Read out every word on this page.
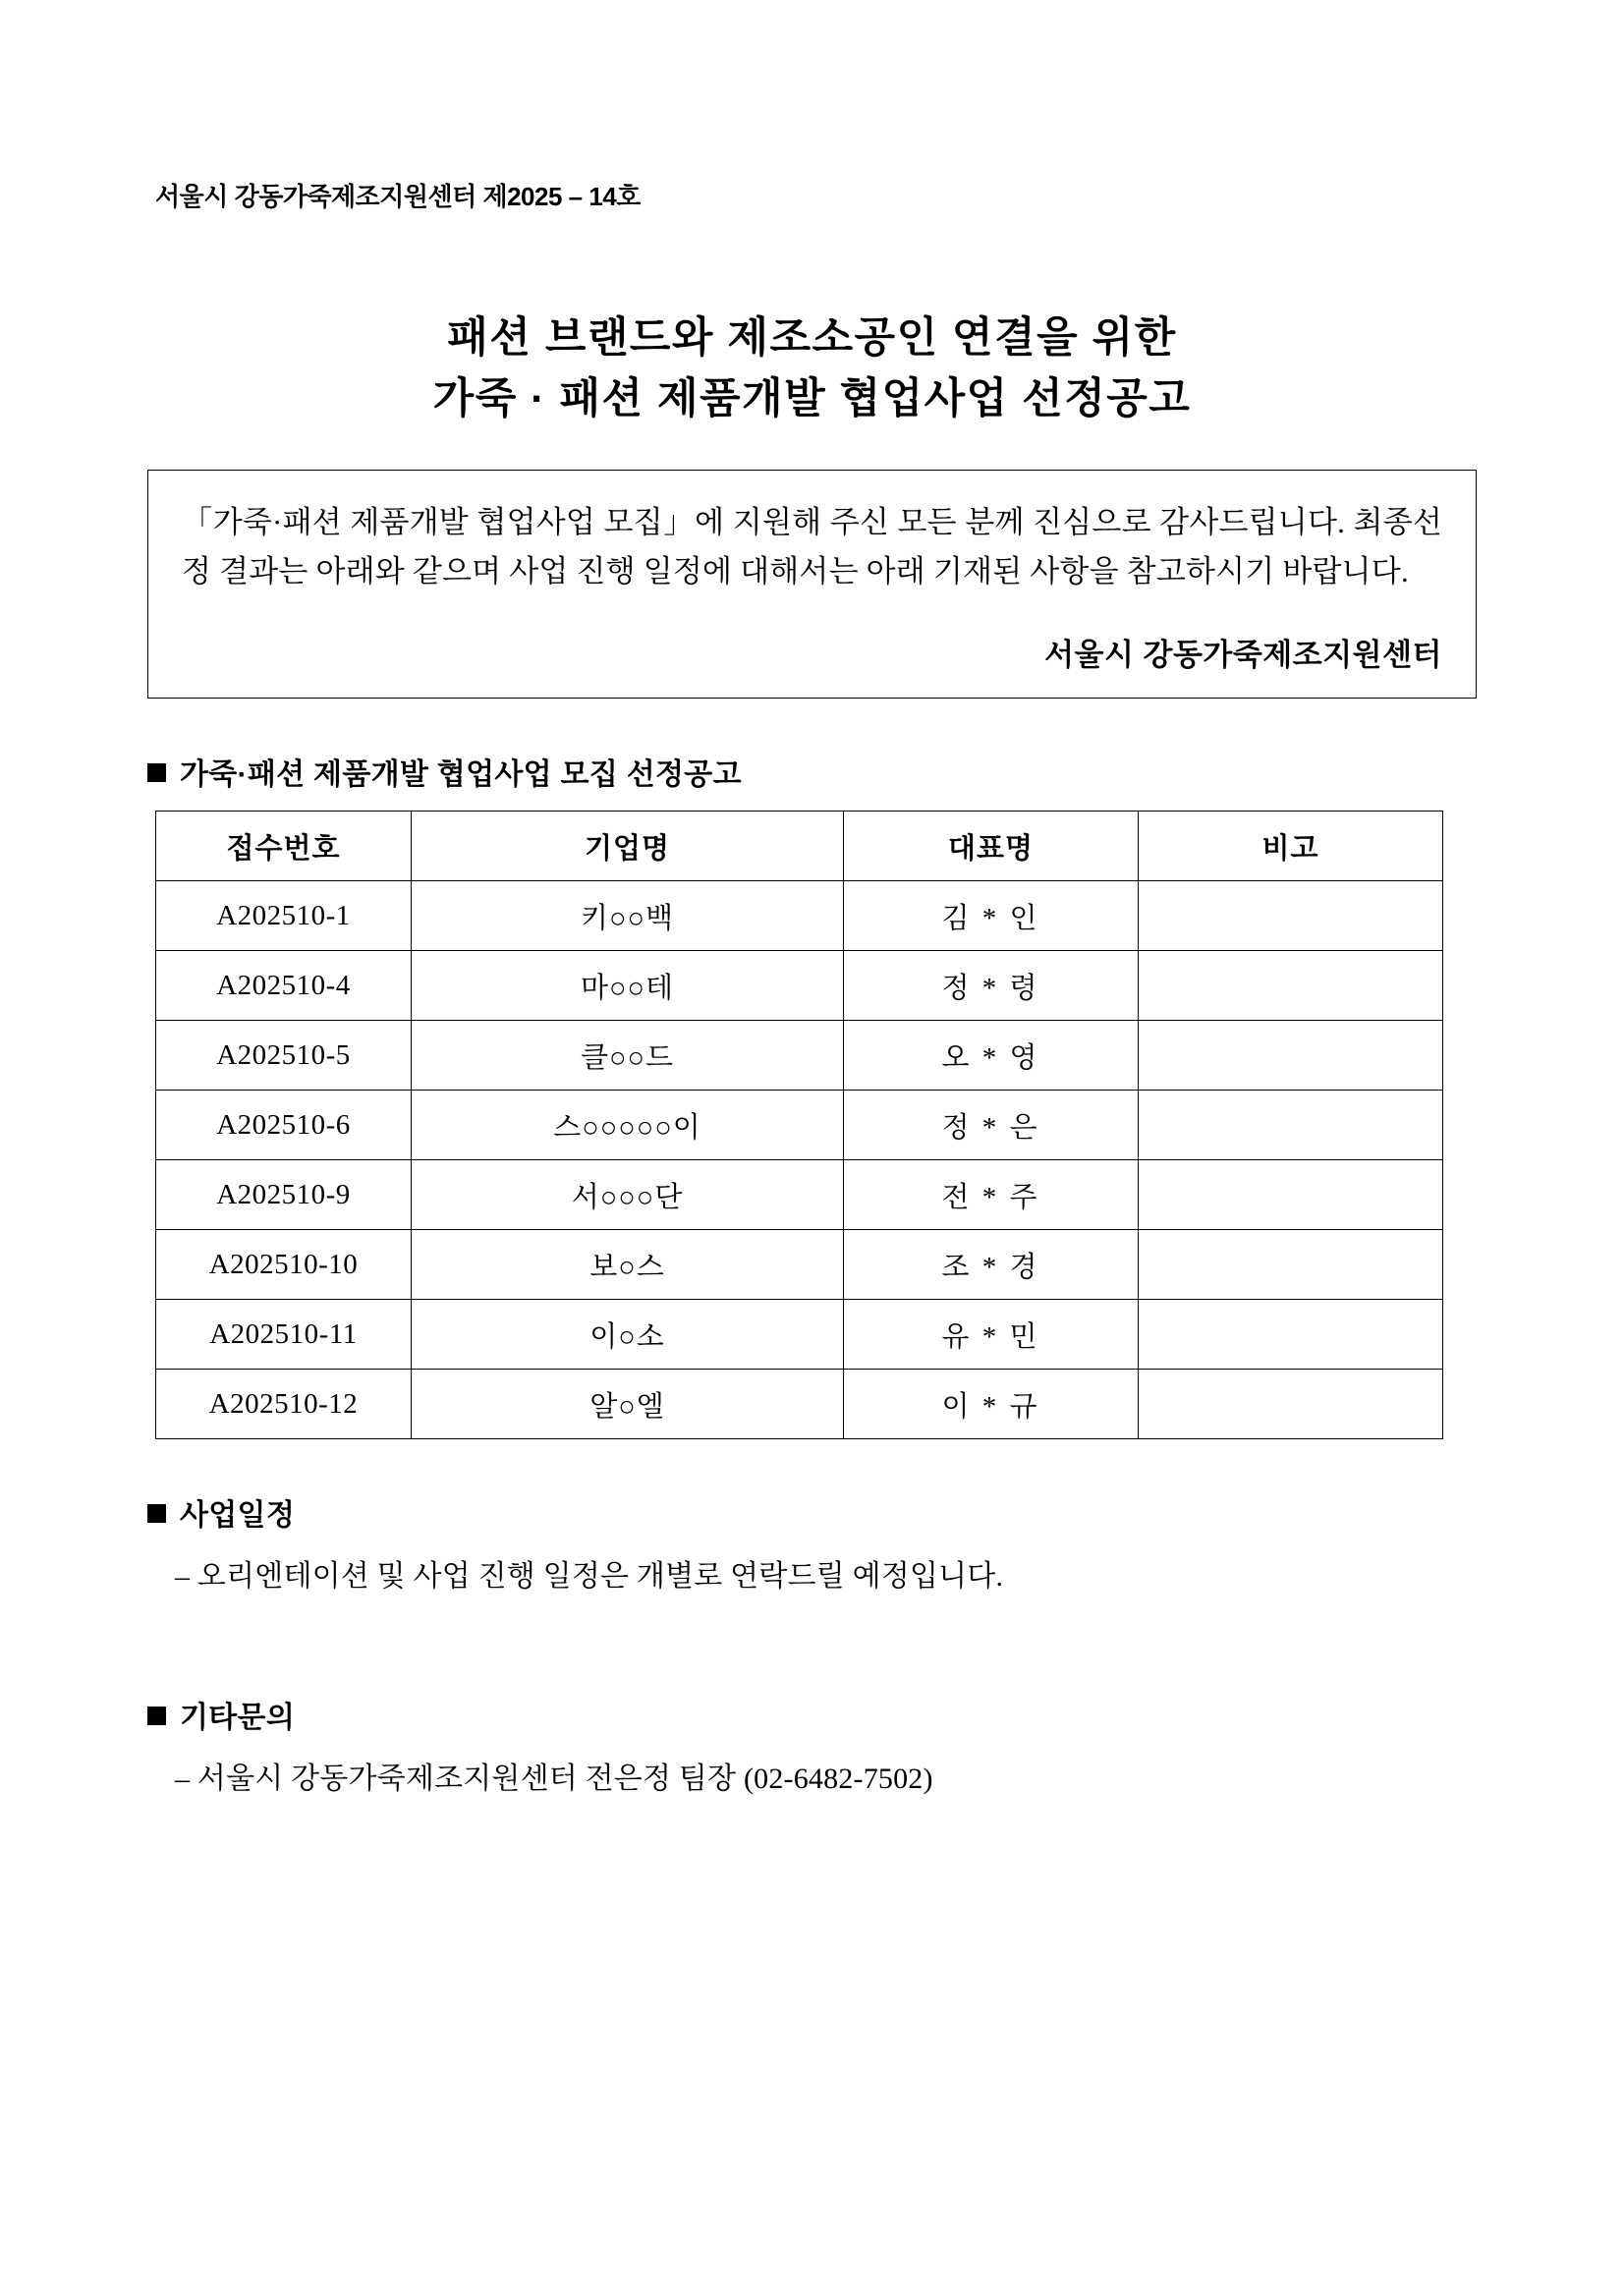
서울시 강동가죽제조지원센터 제2025 – 14호
패션 브랜드와 제조소공인 연결을 위한
가죽 · 패션 제품개발 협업사업 선정공고

「가죽·패션 제품개발 협업사업 모집」에 지원해 주신 모든 분께 진심으로 감사드립니다. 최종선정 결과는 아래와 같으며 사업 진행 일정에 대해서는 아래 기재된 사항을 참고하시기 바랍니다.

서울시 강동가죽제조지원센터
가죽·패션 제품개발 협업사업 모집 선정공고
접수번호	기업명	대표명	비고
A202510-1	키○○백	김 * 인	
A202510-4	마○○테	정 * 령	
A202510-5	클○○드	오 * 영	
A202510-6	스○○○○○이	정 * 은	
A202510-9	서○○○단	전 * 주	
A202510-10	보○스	조 * 경	
A202510-11	이○소	유 * 민	
A202510-12	알○엘	이 * 규	
사업일정
– 오리엔테이션 및 사업 진행 일정은 개별로 연락드릴 예정입니다.
기타문의
– 서울시 강동가죽제조지원센터 전은정 팀장 (02-6482-7502)
